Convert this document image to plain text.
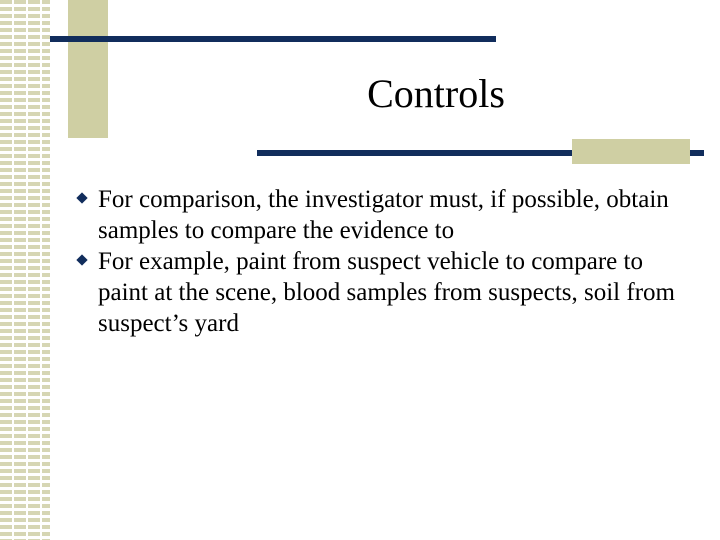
Controls
For comparison, the investigator must, if possible, obtain samples to compare the evidence to
For example, paint from suspect vehicle to compare to paint at the scene, blood samples from suspects, soil from suspect’s yard
